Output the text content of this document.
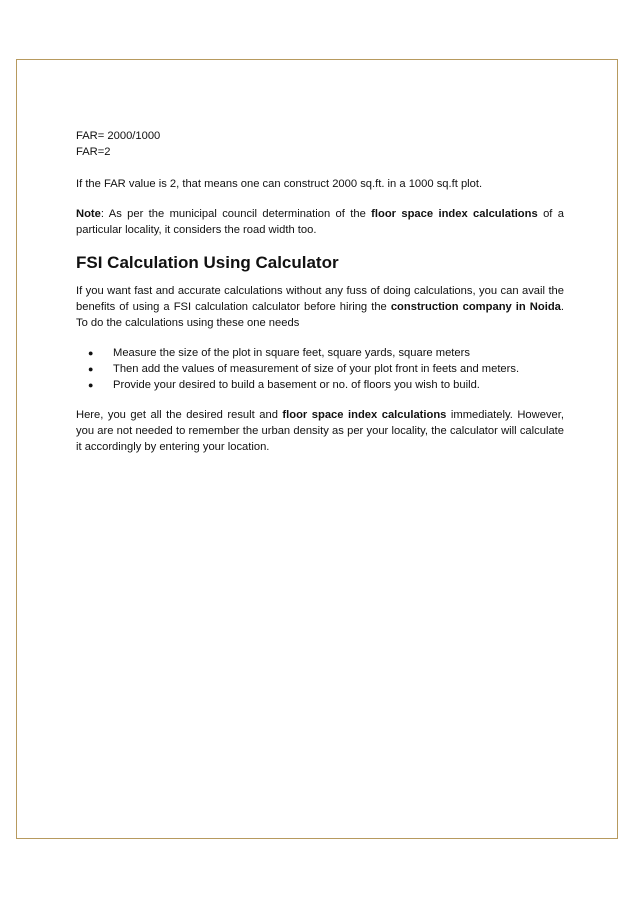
FAR= 2000/1000
FAR=2

If the FAR value is 2, that means one can construct 2000 sq.ft. in a 1000 sq.ft plot.

Note: As per the municipal council determination of the floor space index calculations of a particular locality, it considers the road width too.

FSI Calculation Using Calculator

If you want fast and accurate calculations without any fuss of doing calculations, you can avail the benefits of using a FSI calculation calculator before hiring the construction company in Noida. To do the calculations using these one needs

● Measure the size of the plot in square feet, square yards, square meters
● Then add the values of measurement of size of your plot front in feets and meters.
● Provide your desired to build a basement or no. of floors you wish to build.

Here, you get all the desired result and floor space index calculations immediately. However, you are not needed to remember the urban density as per your locality, the calculator will calculate it accordingly by entering your location.
